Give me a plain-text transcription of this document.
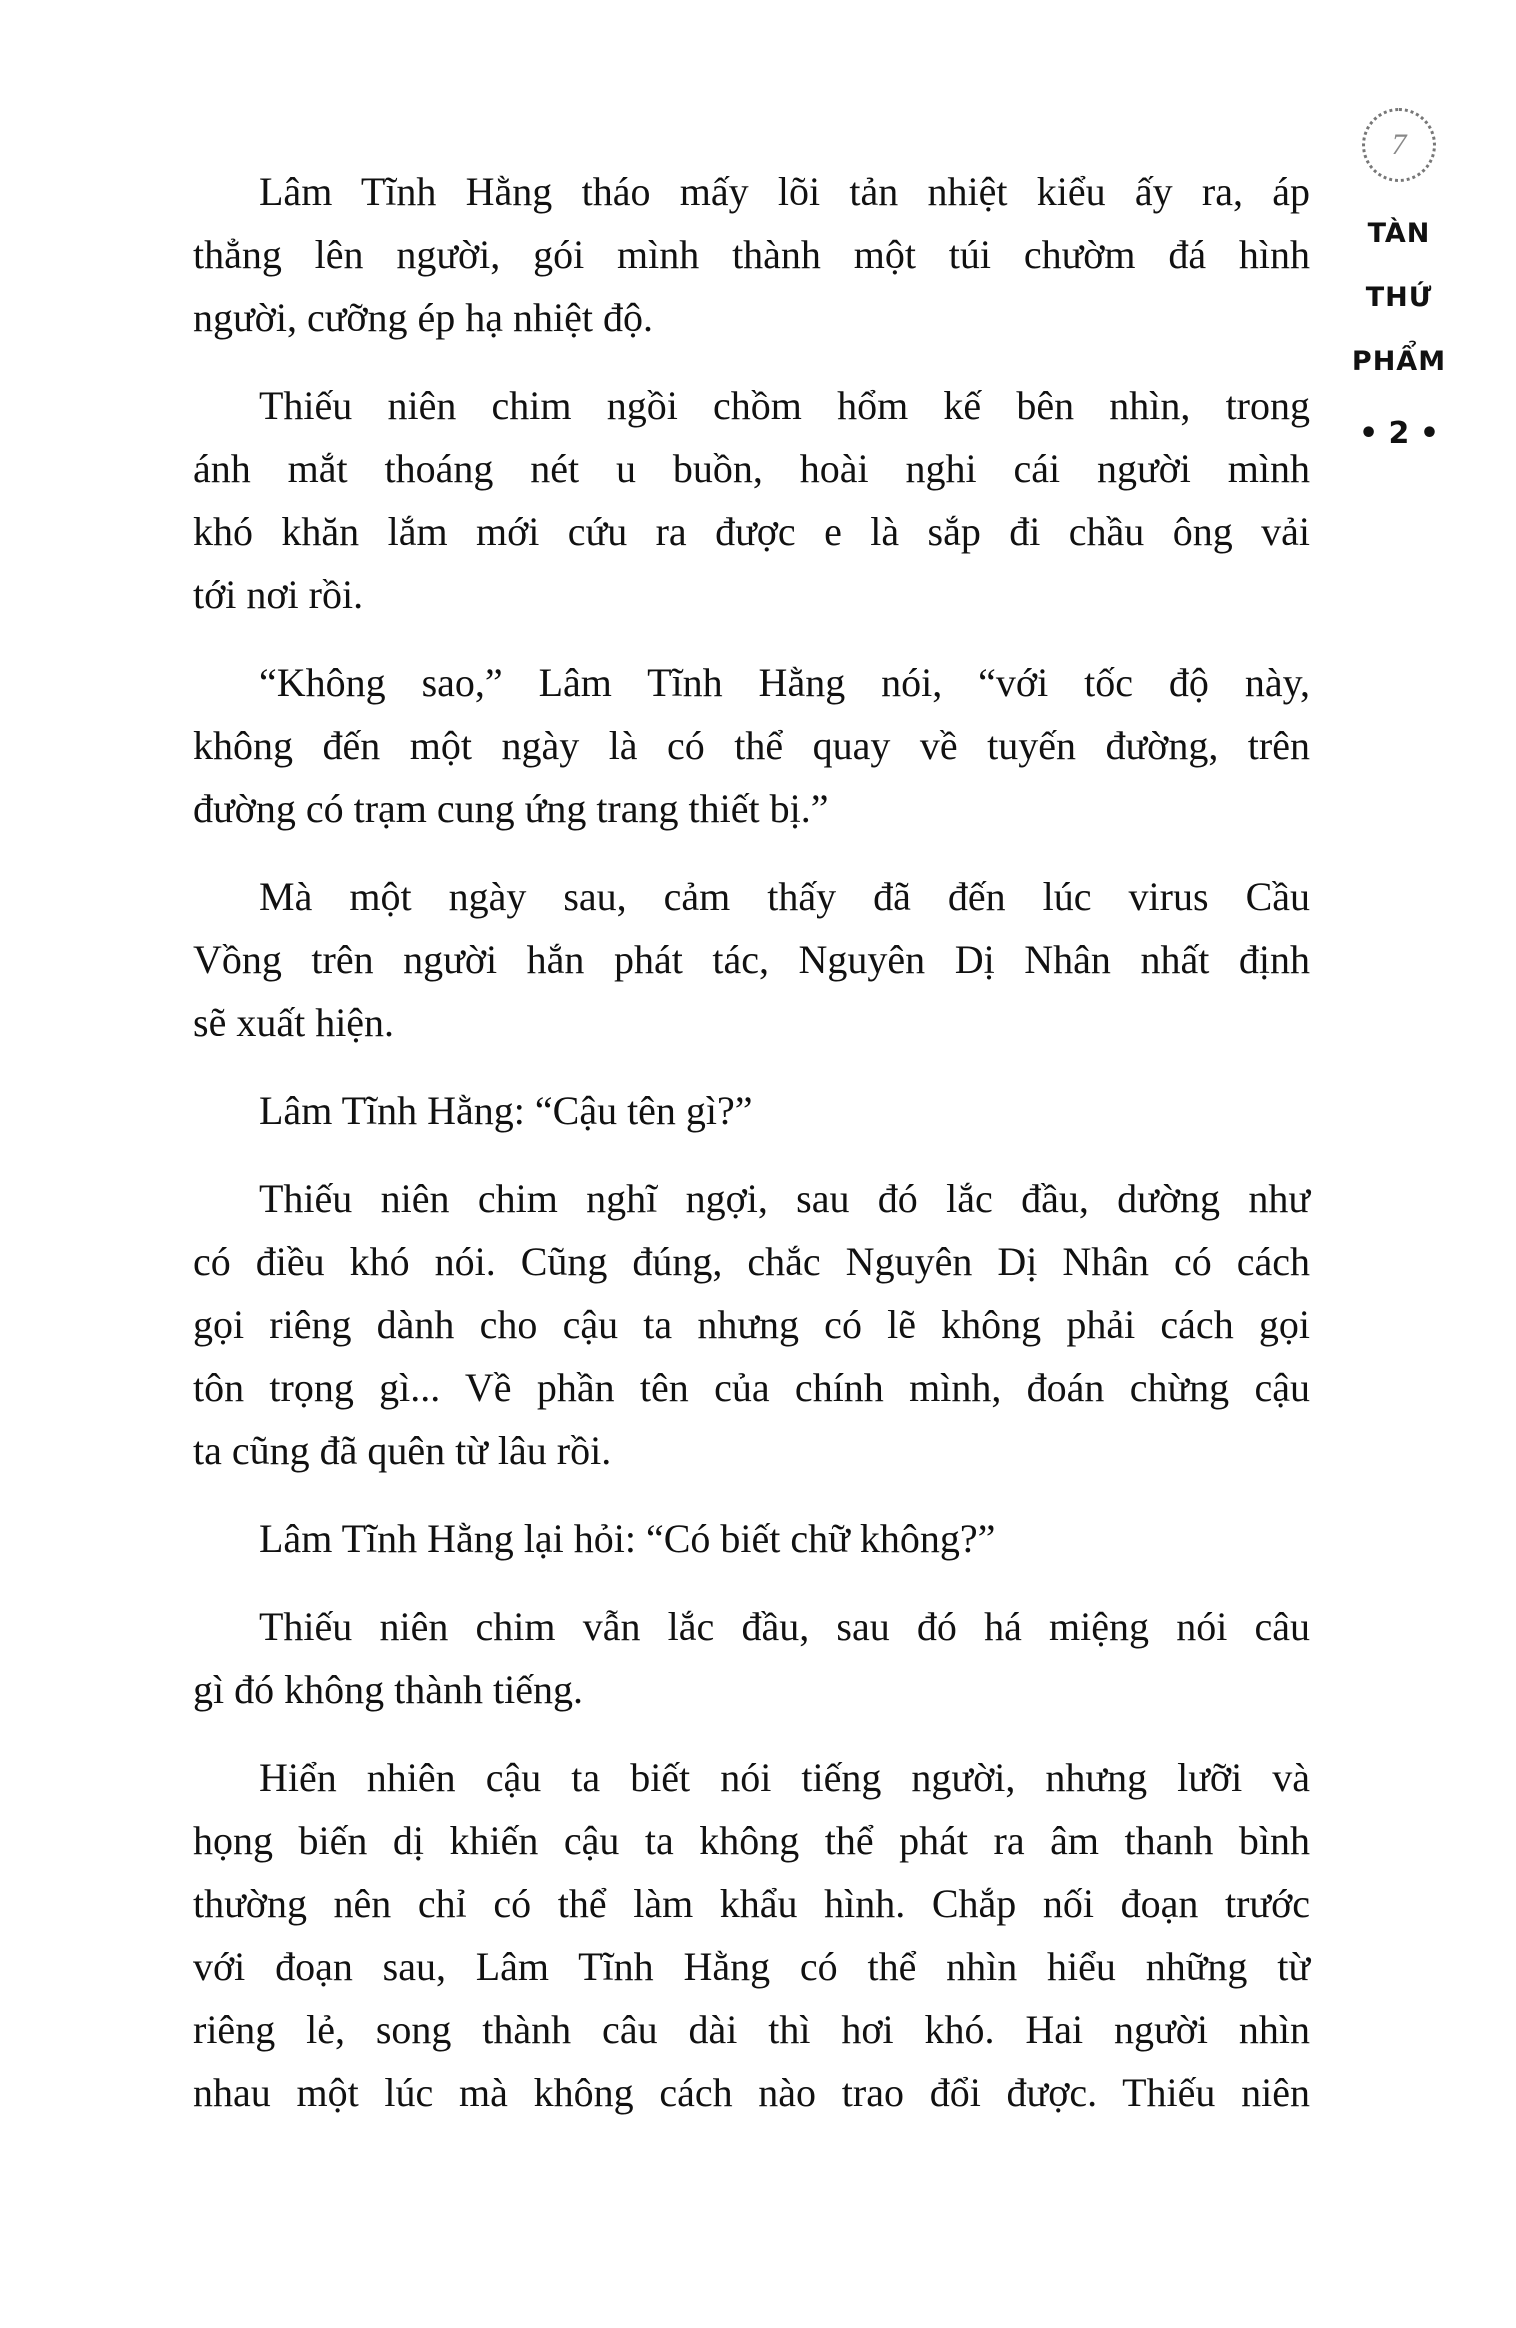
7
TÀN
THỨ
PHẨM
• 2 •
Lâm Tĩnh Hằng tháo mấy lõi tản nhiệt kiểu ấy ra, áp
thẳng lên người, gói mình thành một túi chườm đá hình
người, cưỡng ép hạ nhiệt độ.
Thiếu niên chim ngồi chồm hổm kế bên nhìn, trong
ánh mắt thoáng nét u buồn, hoài nghi cái người mình
khó khăn lắm mới cứu ra được e là sắp đi chầu ông vải
tới nơi rồi.
“Không sao,” Lâm Tĩnh Hằng nói, “với tốc độ này,
không đến một ngày là có thể quay về tuyến đường, trên
đường có trạm cung ứng trang thiết bị.”
Mà một ngày sau, cảm thấy đã đến lúc virus Cầu
Vồng trên người hắn phát tác, Nguyên Dị Nhân nhất định
sẽ xuất hiện.
Lâm Tĩnh Hằng: “Cậu tên gì?”
Thiếu niên chim nghĩ ngợi, sau đó lắc đầu, dường như
có điều khó nói. Cũng đúng, chắc Nguyên Dị Nhân có cách
gọi riêng dành cho cậu ta nhưng có lẽ không phải cách gọi
tôn trọng gì... Về phần tên của chính mình, đoán chừng cậu
ta cũng đã quên từ lâu rồi.
Lâm Tĩnh Hằng lại hỏi: “Có biết chữ không?”
Thiếu niên chim vẫn lắc đầu, sau đó há miệng nói câu
gì đó không thành tiếng.
Hiển nhiên cậu ta biết nói tiếng người, nhưng lưỡi và
họng biến dị khiến cậu ta không thể phát ra âm thanh bình
thường nên chỉ có thể làm khẩu hình. Chắp nối đoạn trước
với đoạn sau, Lâm Tĩnh Hằng có thể nhìn hiểu những từ
riêng lẻ, song thành câu dài thì hơi khó. Hai người nhìn
nhau một lúc mà không cách nào trao đổi được. Thiếu niên
